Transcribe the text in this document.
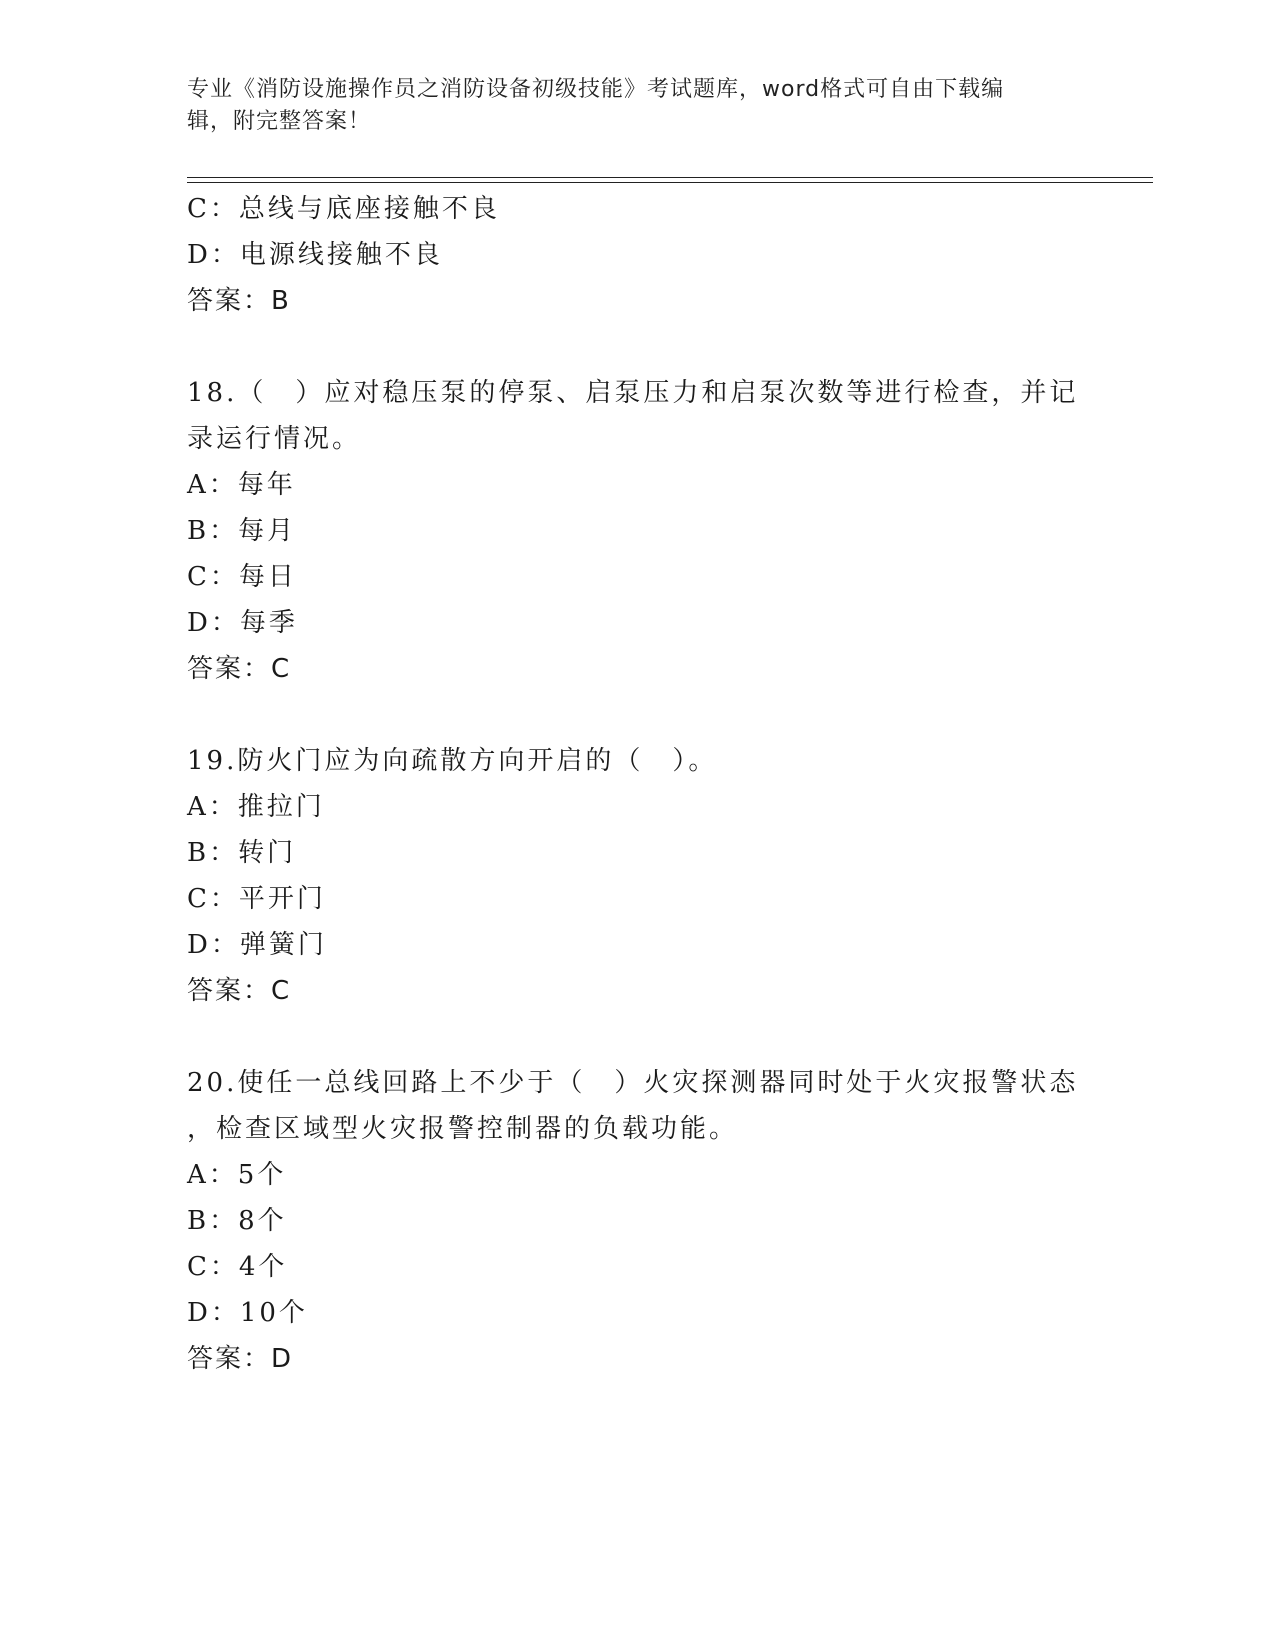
专业《消防设施操作员之消防设备初级技能》考试题库，word格式可自由下载编
辑，附完整答案！
C：总线与底座接触不良
D：电源线接触不良
答案：B
18.（　）应对稳压泵的停泵、启泵压力和启泵次数等进行检查，并记
录运行情况。
A：每年
B：每月
C：每日
D：每季
答案：C
19.防火门应为向疏散方向开启的（　）。
A：推拉门
B：转门
C：平开门
D：弹簧门
答案：C
20.使任一总线回路上不少于（　）火灾探测器同时处于火灾报警状态
，检查区域型火灾报警控制器的负载功能。
A：5个
B：8个
C：4个
D：10个
答案：D
